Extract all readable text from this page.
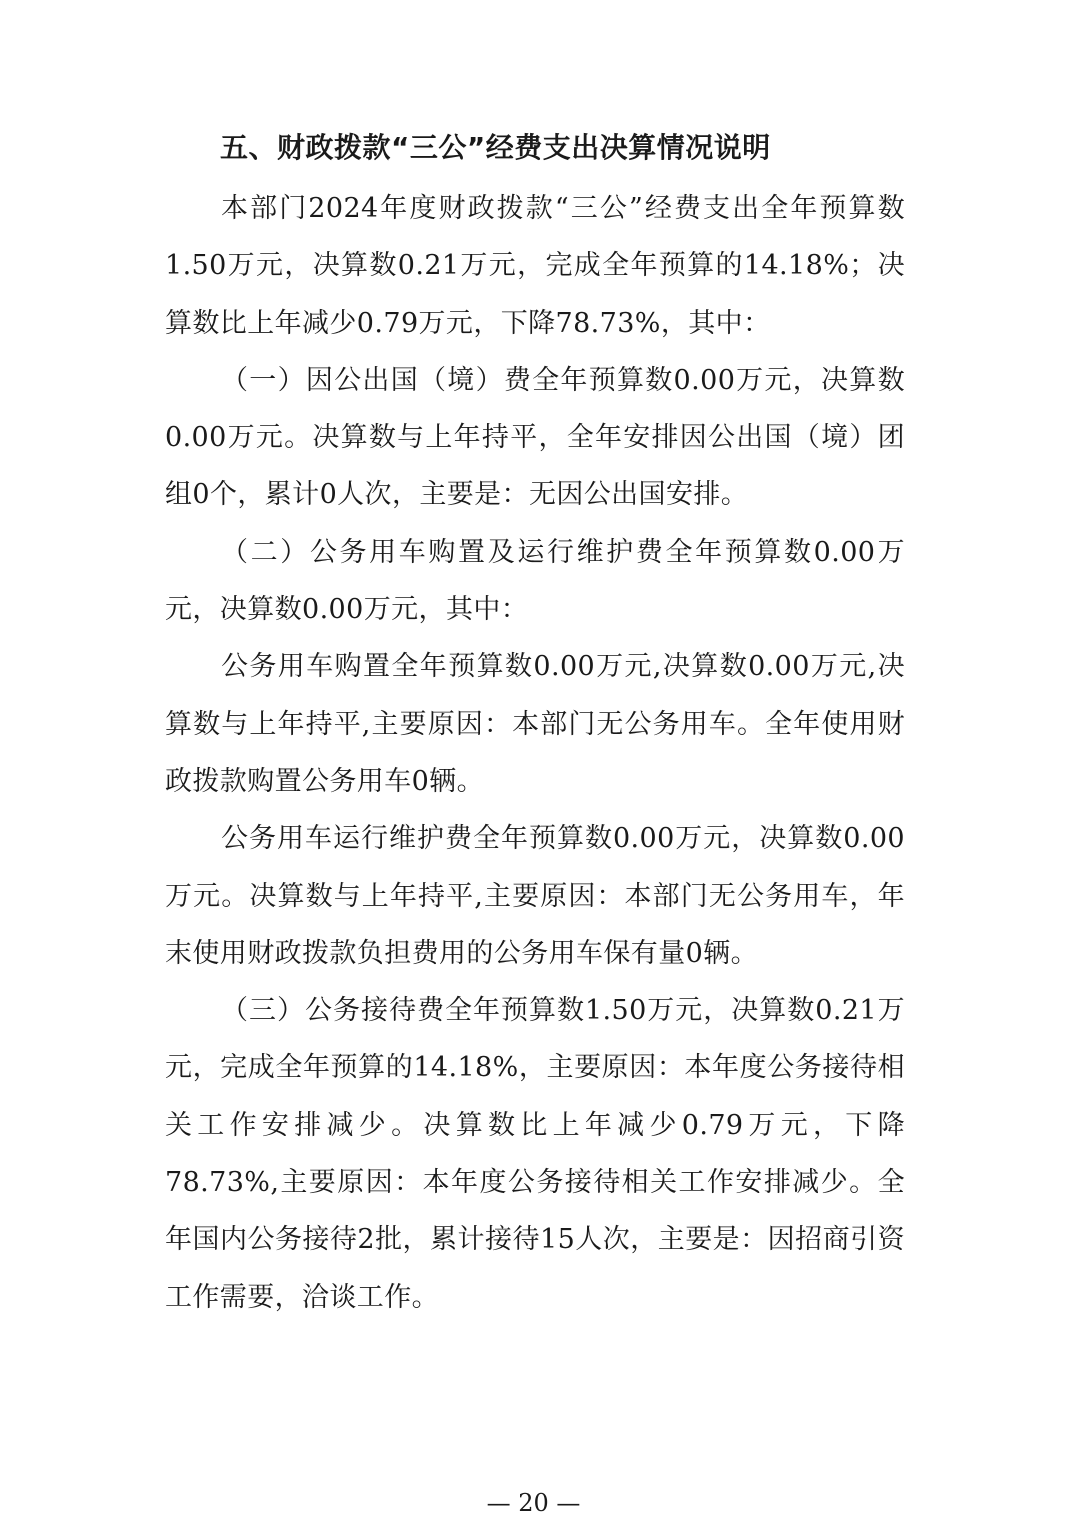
五、财政拨款“三公”经费支出决算情况说明

本部门2024年度财政拨款“三公”经费支出全年预算数1.50万元，决算数0.21万元，完成全年预算的14.18%；决算数比上年减少0.79万元，下降78.73%，其中：

（一）因公出国（境）费全年预算数0.00万元，决算数0.00万元。决算数与上年持平，全年安排因公出国（境）团组0个，累计0人次，主要是：无因公出国安排。

（二）公务用车购置及运行维护费全年预算数0.00万元，决算数0.00万元，其中：

公务用车购置全年预算数0.00万元,决算数0.00万元,决算数与上年持平,主要原因：本部门无公务用车。全年使用财政拨款购置公务用车0辆。

公务用车运行维护费全年预算数0.00万元，决算数0.00万元。决算数与上年持平,主要原因：本部门无公务用车，年末使用财政拨款负担费用的公务用车保有量0辆。

（三）公务接待费全年预算数1.50万元，决算数0.21万元，完成全年预算的14.18%，主要原因：本年度公务接待相关工作安排减少。决算数比上年减少0.79万元，下降78.73%,主要原因：本年度公务接待相关工作安排减少。全年国内公务接待2批，累计接待15人次，主要是：因招商引资工作需要，洽谈工作。

— 20 —
